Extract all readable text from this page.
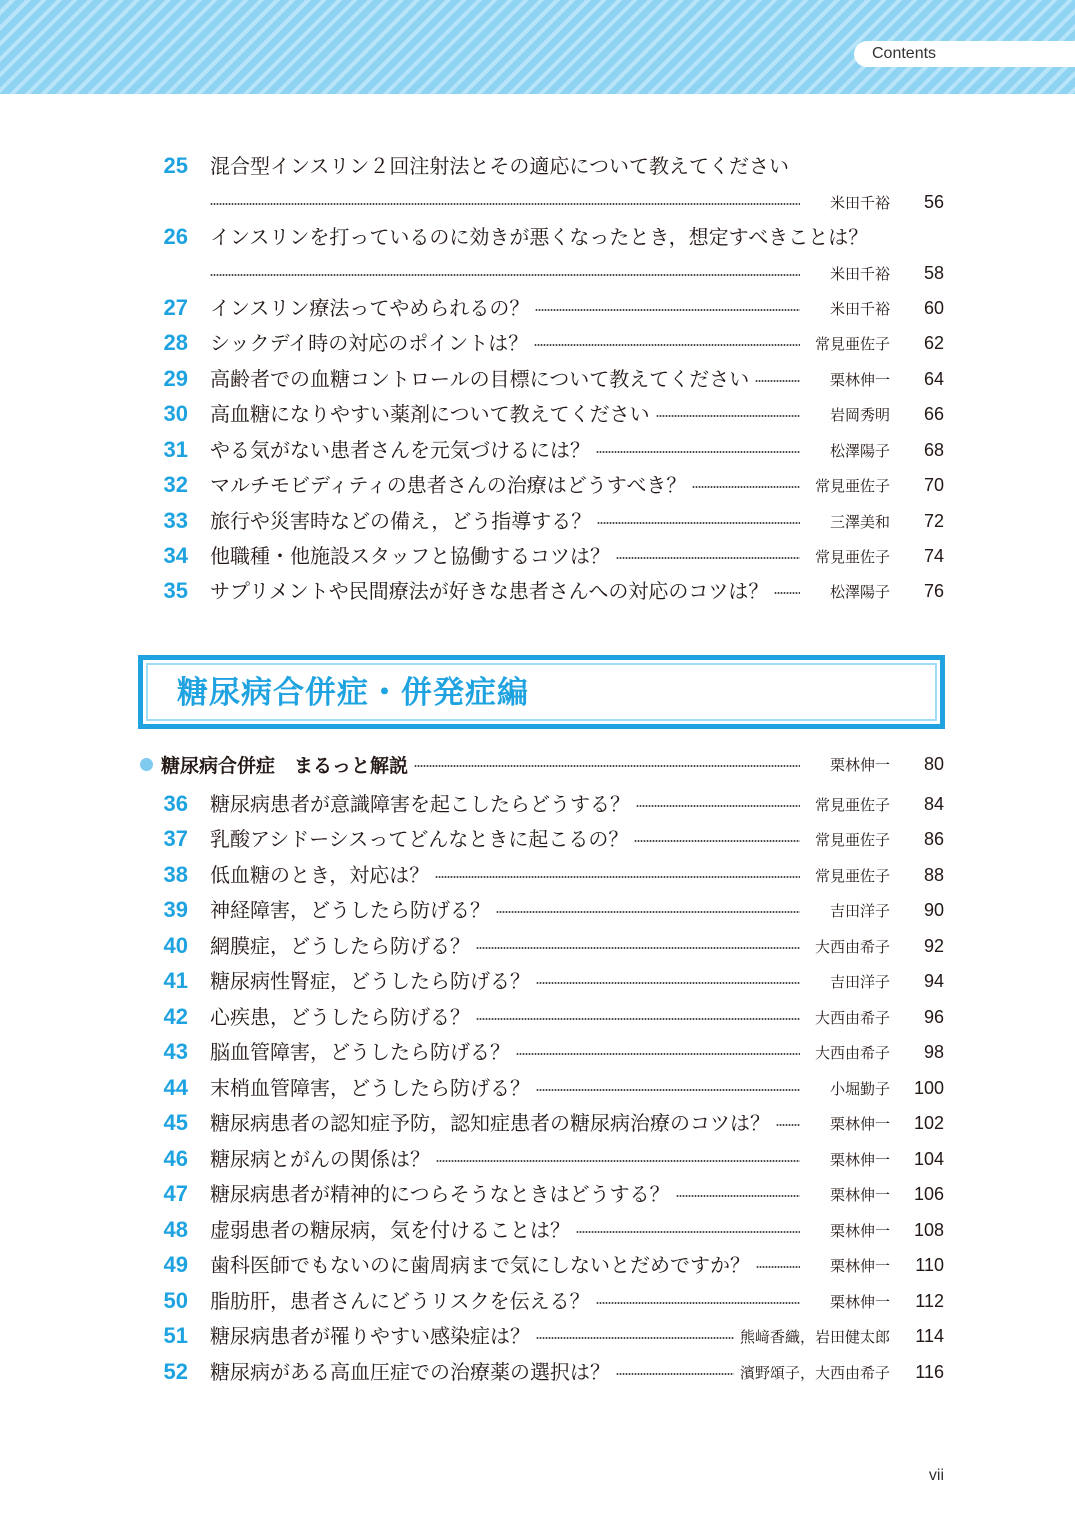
Contents
25 混合型インスリン２回注射法とその適応について教えてください
米田千裕	56
26 インスリンを打っているのに効きが悪くなったとき，想定すべきことは？
米田千裕	58
27 インスリン療法ってやめられるの？	米田千裕	60
28 シックデイ時の対応のポイントは？	常見亜佐子	62
29 高齢者での血糖コントロールの目標について教えてください	栗林伸一	64
30 高血糖になりやすい薬剤について教えてください	岩岡秀明	66
31 やる気がない患者さんを元気づけるには？	松澤陽子	68
32 マルチモビディティの患者さんの治療はどうすべき？	常見亜佐子	70
33 旅行や災害時などの備え，どう指導する？	三澤美和	72
34 他職種・他施設スタッフと協働するコツは？	常見亜佐子	74
35 サプリメントや民間療法が好きな患者さんへの対応のコツは？	松澤陽子	76
糖尿病合併症・併発症編
糖尿病合併症　まるっと解説	栗林伸一	80
36 糖尿病患者が意識障害を起こしたらどうする？	常見亜佐子	84
37 乳酸アシドーシスってどんなときに起こるの？	常見亜佐子	86
38 低血糖のとき，対応は？	常見亜佐子	88
39 神経障害，どうしたら防げる？	吉田洋子	90
40 網膜症，どうしたら防げる？	大西由希子	92
41 糖尿病性腎症，どうしたら防げる？	吉田洋子	94
42 心疾患，どうしたら防げる？	大西由希子	96
43 脳血管障害，どうしたら防げる？	大西由希子	98
44 末梢血管障害，どうしたら防げる？	小堀勤子	100
45 糖尿病患者の認知症予防，認知症患者の糖尿病治療のコツは？	栗林伸一	102
46 糖尿病とがんの関係は？	栗林伸一	104
47 糖尿病患者が精神的につらそうなときはどうする？	栗林伸一	106
48 虚弱患者の糖尿病，気を付けることは？	栗林伸一	108
49 歯科医師でもないのに歯周病まで気にしないとだめですか？	栗林伸一	110
50 脂肪肝，患者さんにどうリスクを伝える？	栗林伸一	112
51 糖尿病患者が罹りやすい感染症は？	熊﨑香織，岩田健太郎	114
52 糖尿病がある高血圧症での治療薬の選択は？	濱野頌子，大西由希子	116
vii
